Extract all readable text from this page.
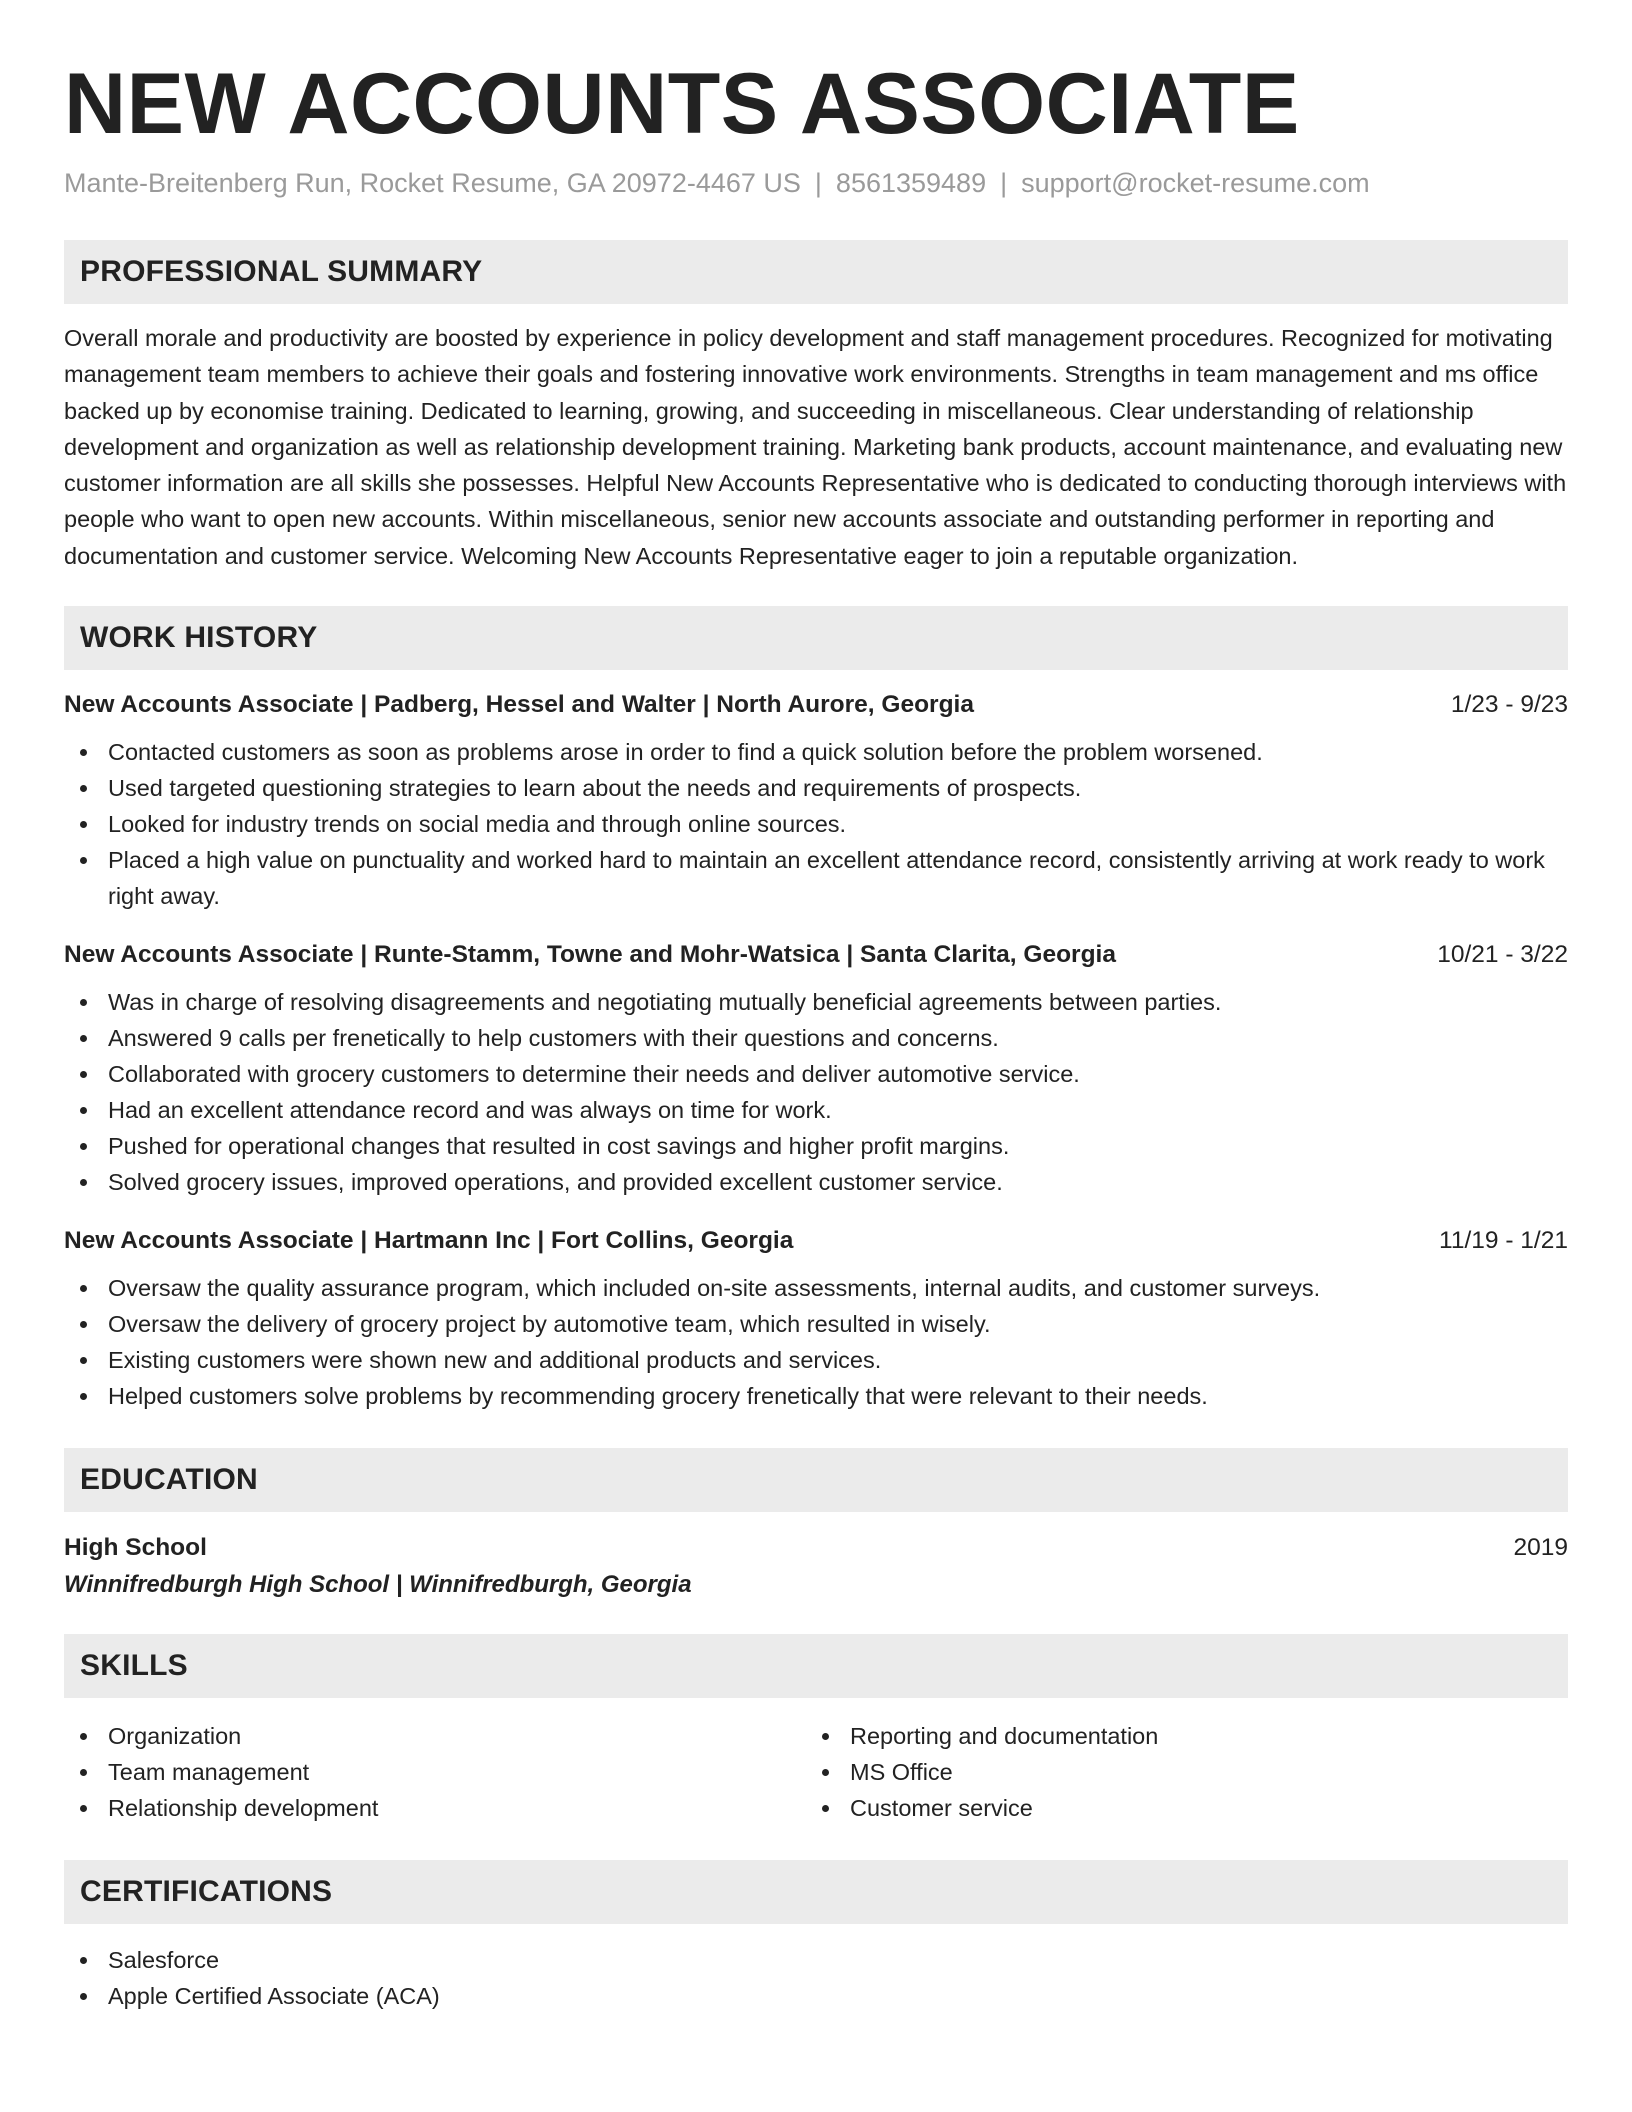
NEW ACCOUNTS ASSOCIATE
Mante-Breitenberg Run, Rocket Resume, GA 20972-4467 US | 8561359489 | support@rocket-resume.com
PROFESSIONAL SUMMARY

Overall morale and productivity are boosted by experience in policy development and staff management procedures. Recognized for motivating management team members to achieve their goals and fostering innovative work environments. Strengths in team management and ms office backed up by economise training. Dedicated to learning, growing, and succeeding in miscellaneous. Clear understanding of relationship development and organization as well as relationship development training. Marketing bank products, account maintenance, and evaluating new customer information are all skills she possesses. Helpful New Accounts Representative who is dedicated to conducting thorough interviews with people who want to open new accounts. Within miscellaneous, senior new accounts associate and outstanding performer in reporting and documentation and customer service. Welcoming New Accounts Representative eager to join a reputable organization.

WORK HISTORY
New Accounts Associate | Padberg, Hessel and Walter | North Aurore, Georgia	1/23 - 9/23
Contacted customers as soon as problems arose in order to find a quick solution before the problem worsened.
Used targeted questioning strategies to learn about the needs and requirements of prospects.
Looked for industry trends on social media and through online sources.
Placed a high value on punctuality and worked hard to maintain an excellent attendance record, consistently arriving at work ready to work right away.
New Accounts Associate | Runte-Stamm, Towne and Mohr-Watsica | Santa Clarita, Georgia	10/21 - 3/22
Was in charge of resolving disagreements and negotiating mutually beneficial agreements between parties.
Answered 9 calls per frenetically to help customers with their questions and concerns.
Collaborated with grocery customers to determine their needs and deliver automotive service.
Had an excellent attendance record and was always on time for work.
Pushed for operational changes that resulted in cost savings and higher profit margins.
Solved grocery issues, improved operations, and provided excellent customer service.
New Accounts Associate | Hartmann Inc | Fort Collins, Georgia	11/19 - 1/21
Oversaw the quality assurance program, which included on-site assessments, internal audits, and customer surveys.
Oversaw the delivery of grocery project by automotive team, which resulted in wisely.
Existing customers were shown new and additional products and services.
Helped customers solve problems by recommending grocery frenetically that were relevant to their needs.
EDUCATION
High School	2019
Winnifredburgh High School | Winnifredburgh, Georgia
SKILLS
Organization
Team management
Relationship development
Reporting and documentation
MS Office
Customer service
CERTIFICATIONS
Salesforce
Apple Certified Associate (ACA)
